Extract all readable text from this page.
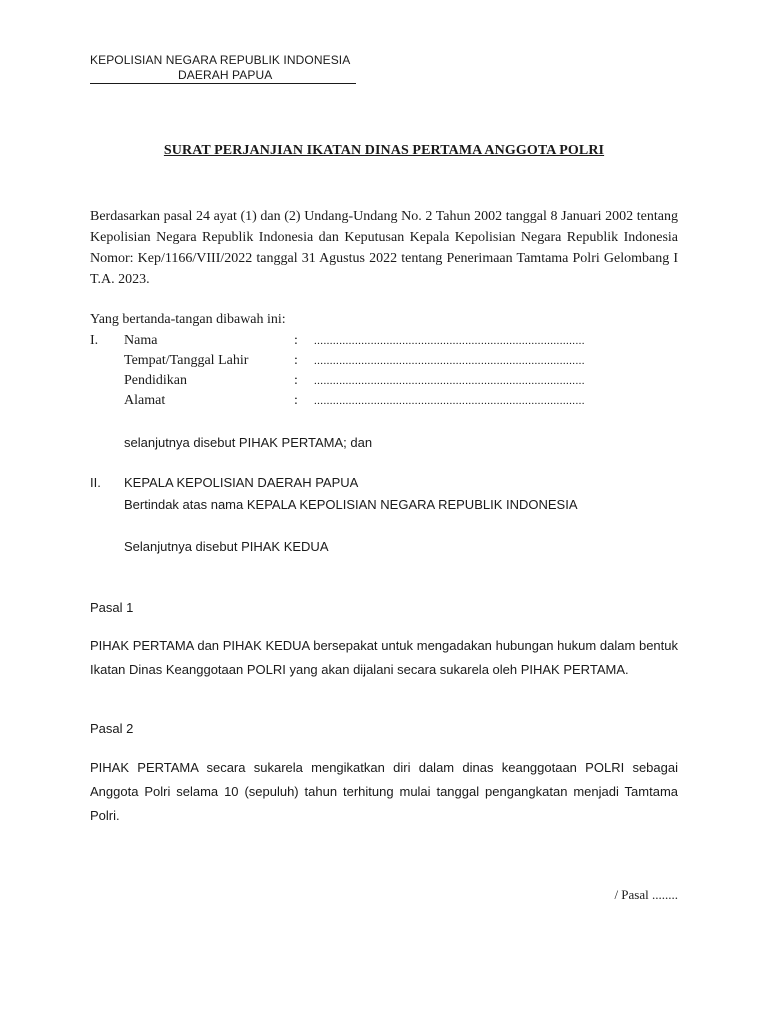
KEPOLISIAN NEGARA REPUBLIK INDONESIA
DAERAH PAPUA
SURAT PERJANJIAN IKATAN DINAS PERTAMA ANGGOTA POLRI
Berdasarkan pasal 24 ayat (1) dan (2) Undang-Undang No. 2 Tahun 2002 tanggal 8 Januari 2002 tentang Kepolisian Negara Republik Indonesia dan Keputusan Kepala Kepolisian Negara Republik Indonesia Nomor: Kep/1166/VIII/2022 tanggal 31 Agustus 2022 tentang Penerimaan Tamtama Polri Gelombang I T.A. 2023.
Yang bertanda-tangan dibawah ini:
I. Nama	: ......................................................................................
Tempat/Tanggal Lahir	: ......................................................................................
Pendidikan	: ......................................................................................
Alamat	: ......................................................................................
selanjutnya disebut PIHAK PERTAMA; dan
II. KEPALA KEPOLISIAN DAERAH PAPUA
Bertindak atas nama KEPALA KEPOLISIAN NEGARA REPUBLIK INDONESIA
Selanjutnya disebut PIHAK KEDUA
Pasal 1
PIHAK PERTAMA dan PIHAK KEDUA bersepakat untuk mengadakan hubungan hukum dalam bentuk Ikatan Dinas Keanggotaan POLRI yang akan dijalani secara sukarela oleh PIHAK PERTAMA.
Pasal 2
PIHAK PERTAMA secara sukarela mengikatkan diri dalam dinas keanggotaan POLRI sebagai Anggota Polri selama 10 (sepuluh) tahun terhitung mulai tanggal pengangkatan menjadi Tamtama Polri.
/ Pasal ........
